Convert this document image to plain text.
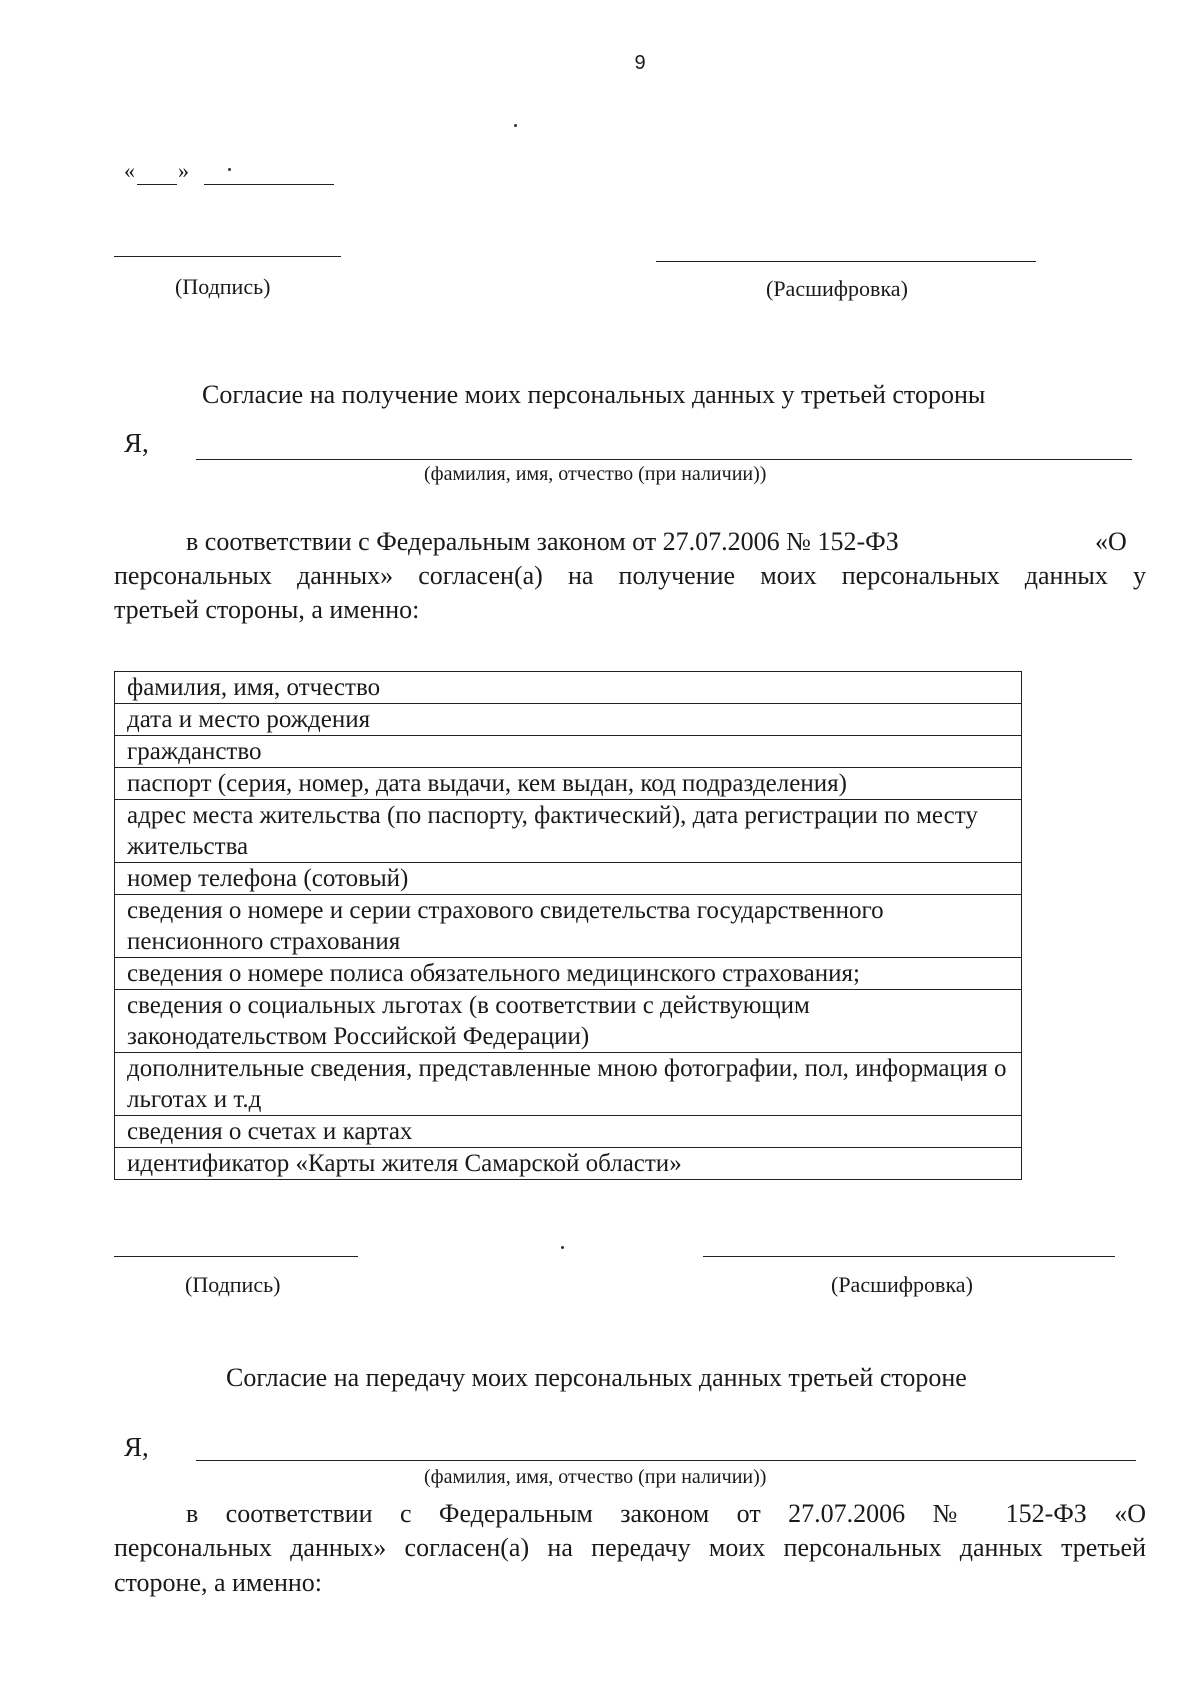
9
« »
(Подпись)	(Расшифровка)
Согласие на получение моих персональных данных у третьей стороны
Я,
(фамилия, имя, отчество (при наличии))
в соответствии с Федеральным законом от 27.07.2006 № 152-ФЗ	«О
персональных данных» согласен(а) на получение моих персональных данных у
третьей стороны, а именно:
фамилия, имя, отчество
дата и место рождения
гражданство
паспорт (серия, номер, дата выдачи, кем выдан, код подразделения)
адрес места жительства (по паспорту, фактический), дата регистрации по месту жительства
номер телефона (сотовый)
сведения о номере и серии страхового свидетельства государственного пенсионного страхования
сведения о номере полиса обязательного медицинского страхования;
сведения о социальных льготах (в соответствии с действующим законодательством Российской Федерации)
дополнительные сведения, представленные мною фотографии, пол, информация о льготах и т.д
сведения о счетах и картах
идентификатор «Карты жителя Самарской области»
(Подпись)	(Расшифровка)
Согласие на передачу моих персональных данных третьей стороне
Я,
(фамилия, имя, отчество (при наличии))
в соответствии с Федеральным законом от 27.07.2006 № 152-ФЗ «О
персональных данных» согласен(а) на передачу моих персональных данных третьей
стороне, а именно:
